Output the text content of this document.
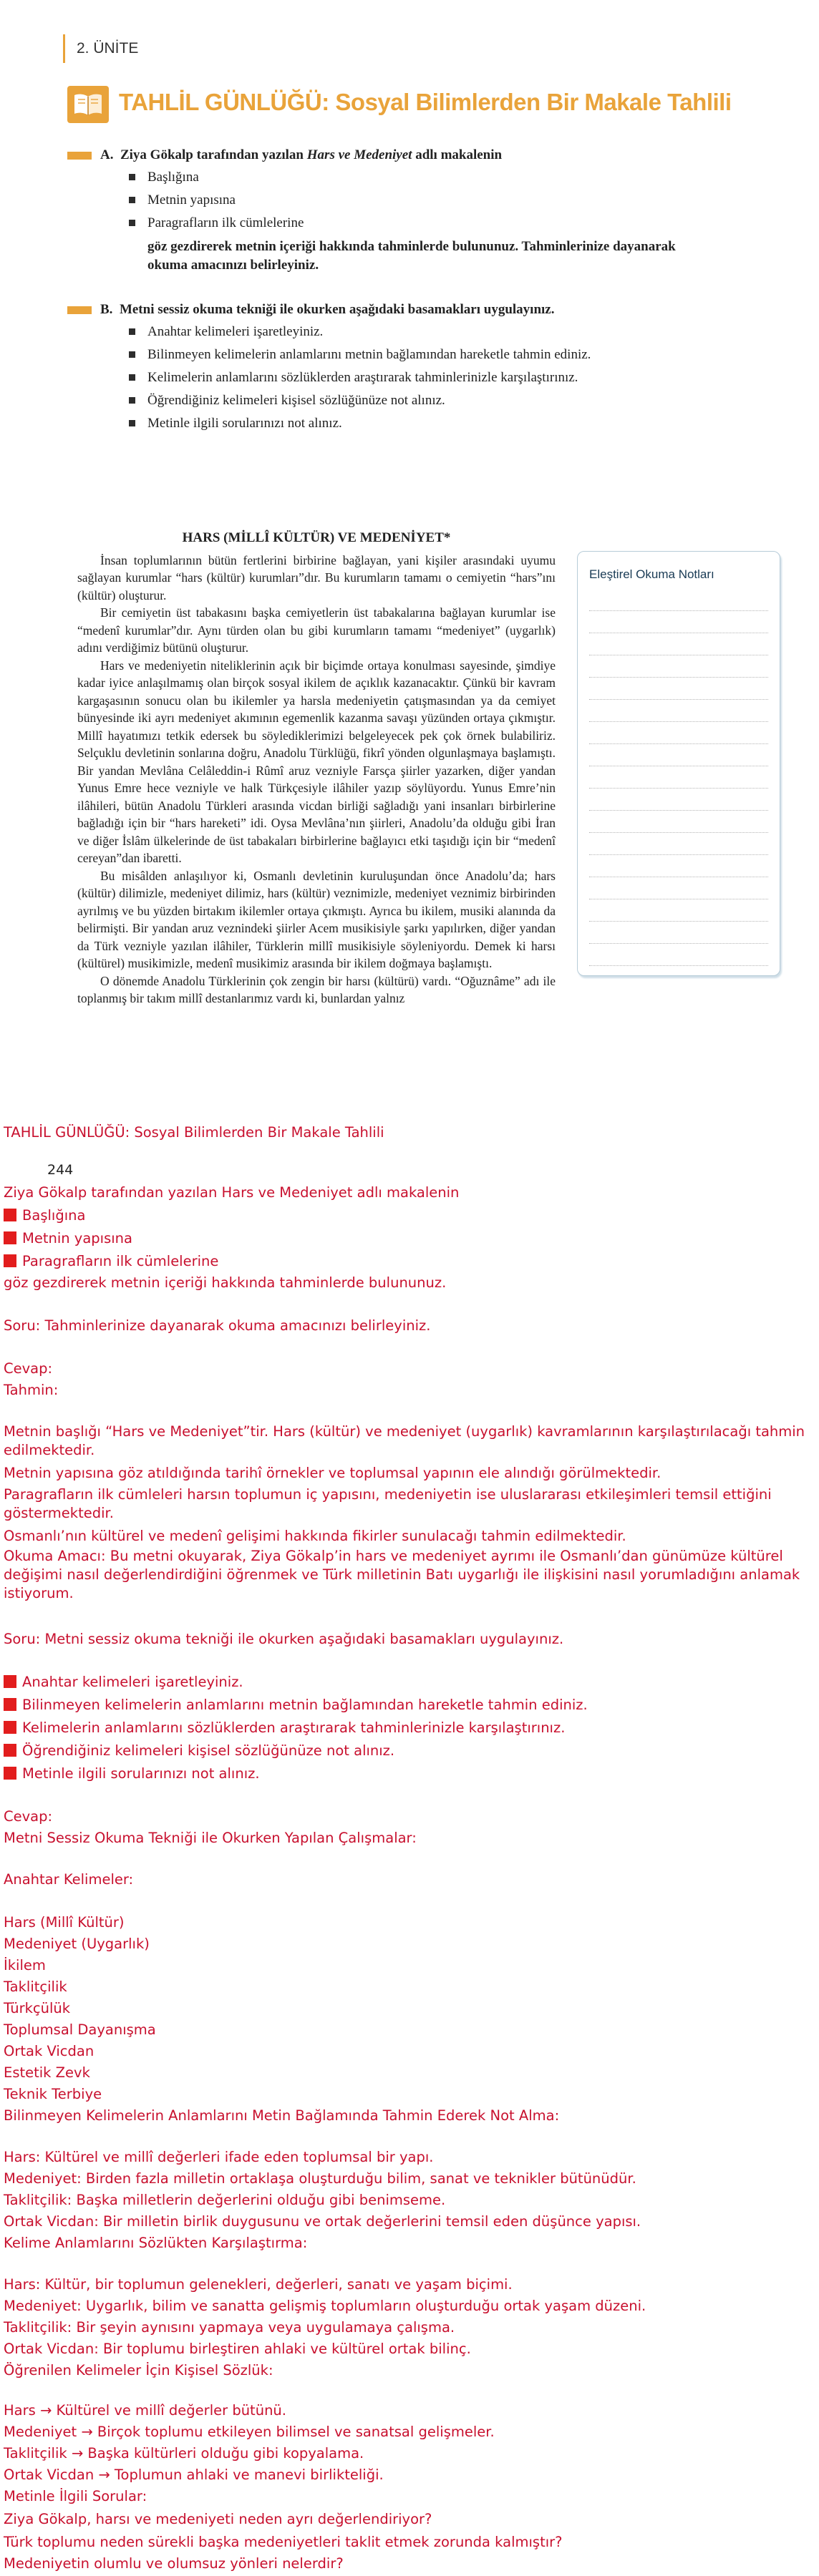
2. ÜNİTE
TAHLİL GÜNLÜĞÜ: Sosyal Bilimlerden Bir Makale Tahlili
A. Ziya Gökalp tarafından yazılan Hars ve Medeniyet adlı makalenin
Başlığına
Metnin yapısına
Paragrafların ilk cümlelerine
göz gezdirerek metnin içeriği hakkında tahminlerde bulununuz. Tahminlerinize dayanarak okuma amacınızı belirleyiniz.
B. Metni sessiz okuma tekniği ile okurken aşağıdaki basamakları uygulayınız.
Anahtar kelimeleri işaretleyiniz.
Bilinmeyen kelimelerin anlamlarını metnin bağlamından hareketle tahmin ediniz.
Kelimelerin anlamlarını sözlüklerden araştırarak tahminlerinizle karşılaştırınız.
Öğrendiğiniz kelimeleri kişisel sözlüğünüze not alınız.
Metinle ilgili sorularınızı not alınız.
HARS (MİLLÎ KÜLTÜR) VE MEDENİYET*

İnsan toplumlarının bütün fertlerini birbirine bağlayan, yani kişiler arasındaki uyumu sağlayan kurumlar “hars (kültür) kurumları”dır. Bu kurumların tamamı o cemiyetin “hars”ını (kültür) oluşturur.

Bir cemiyetin üst tabakasını başka cemiyetlerin üst tabakalarına bağlayan kurumlar ise “medenî kurumlar”dır. Aynı türden olan bu gibi kurumların tamamı “medeniyet” (uygarlık) adını verdiğimiz bütünü oluşturur.

Hars ve medeniyetin niteliklerinin açık bir biçimde ortaya konulması sayesinde, şimdiye kadar iyice anlaşılmamış olan birçok sosyal ikilem de açıklık kazanacaktır. Çünkü bir kavram kargaşasının sonucu olan bu ikilemler ya harsla medeniyetin çatışmasından ya da cemiyet bünyesinde iki ayrı medeniyet akımının egemenlik kazanma savaşı yüzünden ortaya çıkmıştır. Millî hayatımızı tetkik edersek bu söylediklerimizi belgeleyecek pek çok örnek bulabiliriz. Selçuklu devletinin sonlarına doğru, Anadolu Türklüğü, fikrî yönden olgunlaşmaya başlamıştı. Bir yandan Mevlâna Celâleddin-i Rûmî aruz vezniyle Farsça şiirler yazarken, diğer yandan Yunus Emre hece vezniyle ve halk Türkçesiyle ilâhiler yazıp söylüyordu. Yunus Emre’nin ilâhileri, bütün Anadolu Türkleri arasında vicdan birliği sağladığı yani insanları birbirlerine bağladığı için bir “hars hareketi” idi. Oysa Mevlâna’nın şiirleri, Anadolu’da olduğu gibi İran ve diğer İslâm ülkelerinde de üst tabakaları birbirlerine bağlayıcı etki taşıdığı için bir “medenî cereyan”dan ibaretti.

Bu misâlden anlaşılıyor ki, Osmanlı devletinin kuruluşundan önce Anadolu’da; hars (kültür) dilimizle, medeniyet dilimiz, hars (kültür) veznimizle, medeniyet veznimiz birbirinden ayrılmış ve bu yüzden birtakım ikilemler ortaya çıkmıştı. Ayrıca bu ikilem, musiki alanında da belirmişti. Bir yandan aruz veznindeki şiirler Acem musikisiyle şarkı yapılırken, diğer yandan da Türk vezniyle yazılan ilâhiler, Türklerin millî musikisiyle söyleniyordu. Demek ki harsı (kültürel) musikimizle, medenî musikimiz arasında bir ikilem doğmaya başlamıştı.

O dönemde Anadolu Türklerinin çok zengin bir harsı (kültürü) vardı. “Oğuznâme” adı ile toplanmış bir takım millî destanlarımız vardı ki, bunlardan yalnız

Eleştirel Okuma Notları
TAHLİL GÜNLÜĞÜ: Sosyal Bilimlerden Bir Makale Tahlili
Ziya Gökalp tarafından yazılan Hars ve Medeniyet adlı makalenin
Başlığına
Metnin yapısına
Paragrafların ilk cümlelerine
göz gezdirerek metnin içeriği hakkında tahminlerde bulununuz.
Soru: Tahminlerinize dayanarak okuma amacınızı belirleyiniz.
Cevap:
Tahmin:
Metnin başlığı “Hars ve Medeniyet”tir. Hars (kültür) ve medeniyet (uygarlık) kavramlarının karşılaştırılacağı tahmin edilmektedir.
Metnin yapısına göz atıldığında tarihî örnekler ve toplumsal yapının ele alındığı görülmektedir.
Paragrafların ilk cümleleri harsın toplumun iç yapısını, medeniyetin ise uluslararası etkileşimleri temsil ettiğini göstermektedir.
Osmanlı’nın kültürel ve medenî gelişimi hakkında fikirler sunulacağı tahmin edilmektedir.
Okuma Amacı: Bu metni okuyarak, Ziya Gökalp’in hars ve medeniyet ayrımı ile Osmanlı’dan günümüze kültürel değişimi nasıl değerlendirdiğini öğrenmek ve Türk milletinin Batı uygarlığı ile ilişkisini nasıl yorumladığını anlamak istiyorum.
Soru: Metni sessiz okuma tekniği ile okurken aşağıdaki basamakları uygulayınız.
Anahtar kelimeleri işaretleyiniz.
Bilinmeyen kelimelerin anlamlarını metnin bağlamından hareketle tahmin ediniz.
Kelimelerin anlamlarını sözlüklerden araştırarak tahminlerinizle karşılaştırınız.
Öğrendiğiniz kelimeleri kişisel sözlüğünüze not alınız.
Metinle ilgili sorularınızı not alınız.
Cevap:
Metni Sessiz Okuma Tekniği ile Okurken Yapılan Çalışmalar:
Anahtar Kelimeler:
Hars (Millî Kültür)
Medeniyet (Uygarlık)
İkilem
Taklitçilik
Türkçülük
Toplumsal Dayanışma
Ortak Vicdan
Estetik Zevk
Teknik Terbiye
Bilinmeyen Kelimelerin Anlamlarını Metin Bağlamında Tahmin Ederek Not Alma:
Hars: Kültürel ve millî değerleri ifade eden toplumsal bir yapı.
Medeniyet: Birden fazla milletin ortaklaşa oluşturduğu bilim, sanat ve teknikler bütünüdür.
Taklitçilik: Başka milletlerin değerlerini olduğu gibi benimseme.
Ortak Vicdan: Bir milletin birlik duygusunu ve ortak değerlerini temsil eden düşünce yapısı.
Kelime Anlamlarını Sözlükten Karşılaştırma:
Hars: Kültür, bir toplumun gelenekleri, değerleri, sanatı ve yaşam biçimi.
Medeniyet: Uygarlık, bilim ve sanatta gelişmiş toplumların oluşturduğu ortak yaşam düzeni.
Taklitçilik: Bir şeyin aynısını yapmaya veya uygulamaya çalışma.
Ortak Vicdan: Bir toplumu birleştiren ahlaki ve kültürel ortak bilinç.
Öğrenilen Kelimeler İçin Kişisel Sözlük:
Hars → Kültürel ve millî değerler bütünü.
Medeniyet → Birçok toplumu etkileyen bilimsel ve sanatsal gelişmeler.
Taklitçilik → Başka kültürleri olduğu gibi kopyalama.
Ortak Vicdan → Toplumun ahlaki ve manevi birlikteliği.
Metinle İlgili Sorular:
Ziya Gökalp, harsı ve medeniyeti neden ayrı değerlendiriyor?
Türk toplumu neden sürekli başka medeniyetleri taklit etmek zorunda kalmıştır?
Medeniyetin olumlu ve olumsuz yönleri nelerdir?
244
